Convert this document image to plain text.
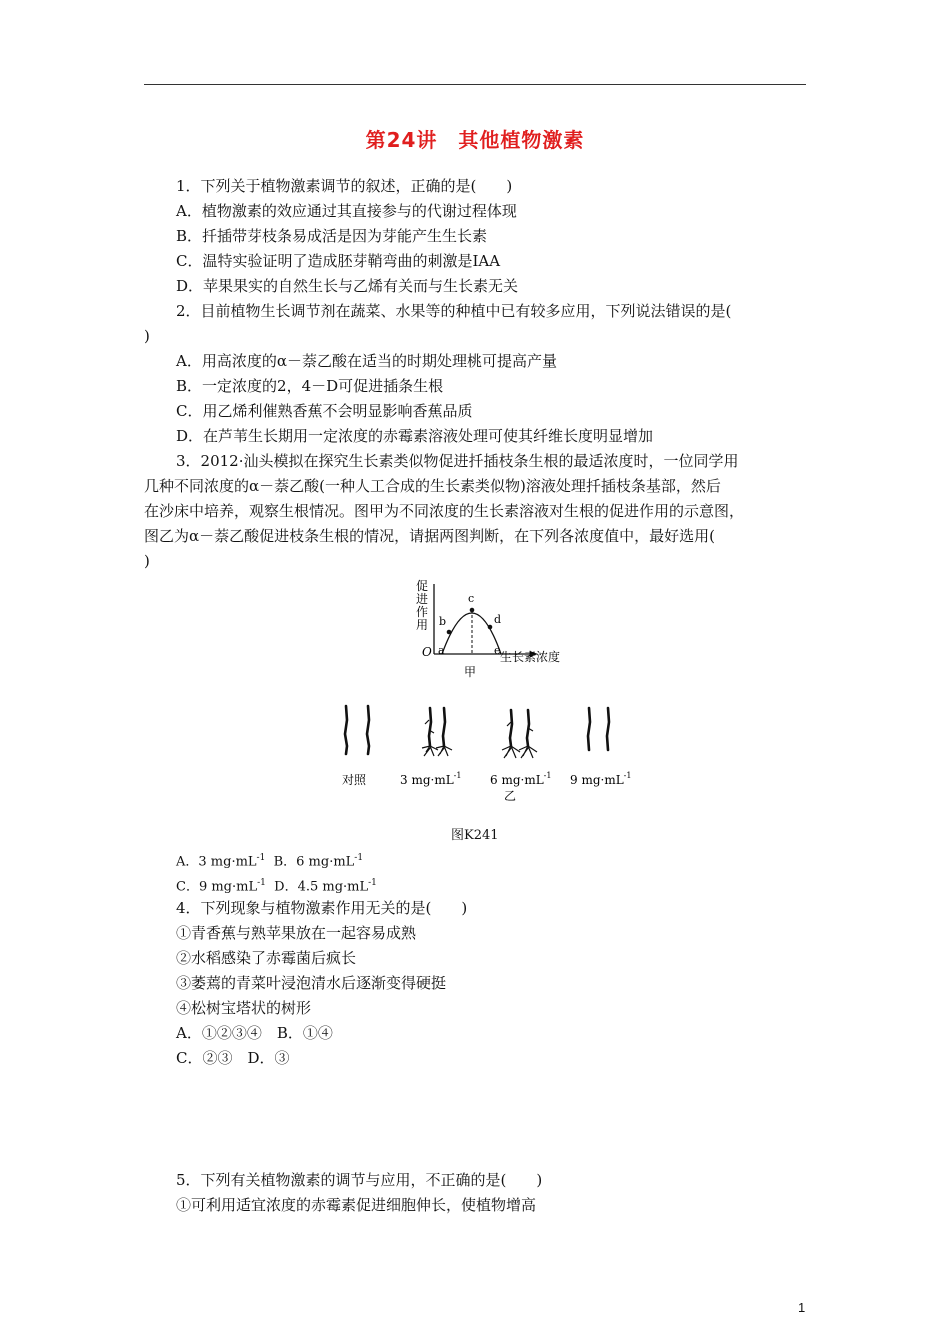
第24讲　其他植物激素
1．下列关于植物激素调节的叙述，正确的是(　　)
A．植物激素的效应通过其直接参与的代谢过程体现
B．扦插带芽枝条易成活是因为芽能产生生长素
C．温特实验证明了造成胚芽鞘弯曲的刺激是IAA
D．苹果果实的自然生长与乙烯有关而与生长素无关
2．目前植物生长调节剂在蔬菜、水果等的种植中已有较多应用，下列说法错误的是(
)
A．用高浓度的α－萘乙酸在适当的时期处理桃可提高产量
B．一定浓度的2，4－D可促进插条生根
C．用乙烯利催熟香蕉不会明显影响香蕉品质
D．在芦苇生长期用一定浓度的赤霉素溶液处理可使其纤维长度明显增加
3．2012·汕头模拟在探究生长素类似物促进扦插枝条生根的最适浓度时，一位同学用
几种不同浓度的α－萘乙酸(一种人工合成的生长素类似物)溶液处理扦插枝条基部，然后
在沙床中培养，观察生根情况。图甲为不同浓度的生长素溶液对生根的促进作用的示意图，
图乙为α－萘乙酸促进枝条生根的情况，请据两图判断，在下列各浓度值中，最好选用(
)
促
进
作
用
O a
b
c
d
e 生长素浓度
甲
对照	3 $mg\cdot mL^{-1}$ 6 $mg\cdot mL^{-1}$ 9 $mg\cdot mL^{-1}$
乙
图K241
A．3 $mg\cdot mL^{-1}$ B．6 $mg\cdot mL^{-1}$
C．9 $mg\cdot mL^{-1}$ D．4.5 $mg\cdot mL^{-1}$
4．下列现象与植物激素作用无关的是(　　)
①青香蕉与熟苹果放在一起容易成熟
②水稻感染了赤霉菌后疯长
③萎蔫的青菜叶浸泡清水后逐渐变得硬挺
④松树宝塔状的树形
A．①②③④　B．①④
C．②③　D．③
5．下列有关植物激素的调节与应用，不正确的是(　　)
①可利用适宜浓度的赤霉素促进细胞伸长，使植物增高
1
